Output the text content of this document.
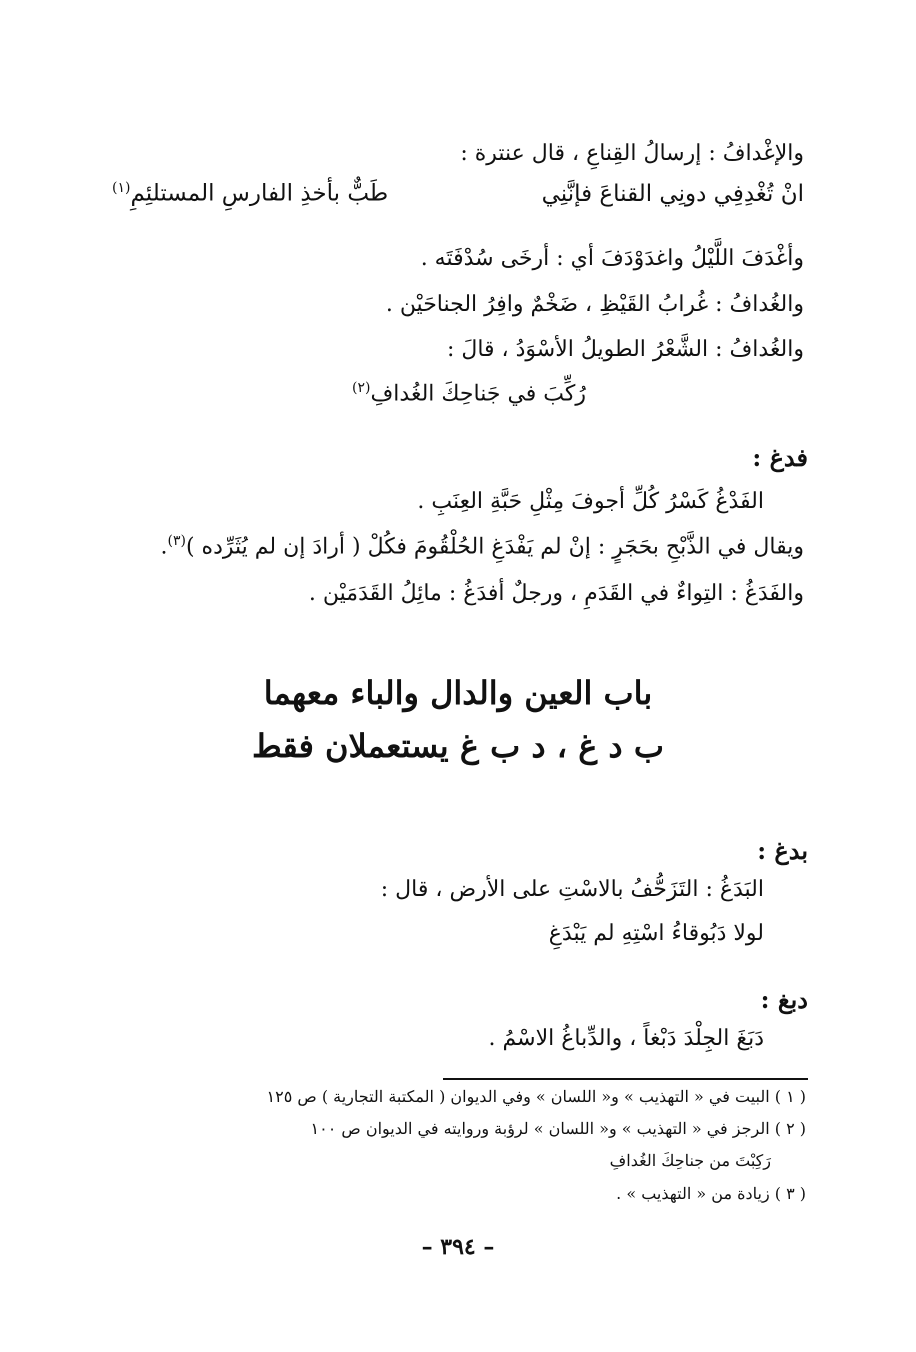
والإغْدافُ : إرسالُ القِناعِ ، قال عنترة :
انْ تُغْدِفِي دونِي القناعَ فإنَّنِي
طَبٌّ بأخذِ الفارسِ المستلئِمِ$^{(١)}$
وأغْدَفَ اللَّيْلُ واغدَوْدَفَ أي : أرخَى سُدْفَتَه .
والغُدافُ : غُرابُ القَيْظِ ، ضَخْمٌ وافِرُ الجناحَيْن .
والغُدافُ : الشَّعْرُ الطويلُ الأسْوَدُ ، قالَ :
رُكِّبَ في جَناحِكَ الغُدافِ$^{(٢)}$
فدغ :
الفَدْغُ كَسْرُ كُلِّ أجوفَ مِثْلِ حَبَّةِ العِنَبِ .
ويقال في الذَّبْحِ بحَجَرٍ : إنْ لم يَفْدَغِ الحُلْقُومَ فكُلْ ( أرادَ إن لم يُثَرِّده )$^{(٣)}$.
والفَدَغُ : التِواءٌ في القَدَمِ ، ورجلٌ أفدَغُ : مائِلُ القَدَمَيْن .
باب العين والدال والباء معهما
ب د غ ، د ب غ يستعملان فقط
بدغ :
البَدَغُ : التَزَحُّفُ بالاسْتِ على الأرض ، قال :
لولا دَبُوقاءُ اسْتِهِ لم يَبْدَغِ
دبغ :
دَبَغَ الجِلْدَ دَبْغاً ، والدِّباغُ الاسْمُ .
( ١ ) البيت في « التهذيب » و« اللسان » وفي الديوان ( المكتبة التجارية ) ص ١٢٥
( ٢ ) الرجز في « التهذيب » و« اللسان » لرؤبة وروايته في الديوان ص ١٠٠
رَكِبْتَ من جناحِكَ الغُدافِ
( ٣ ) زيادة من « التهذيب » .
– ٣٩٤ –
